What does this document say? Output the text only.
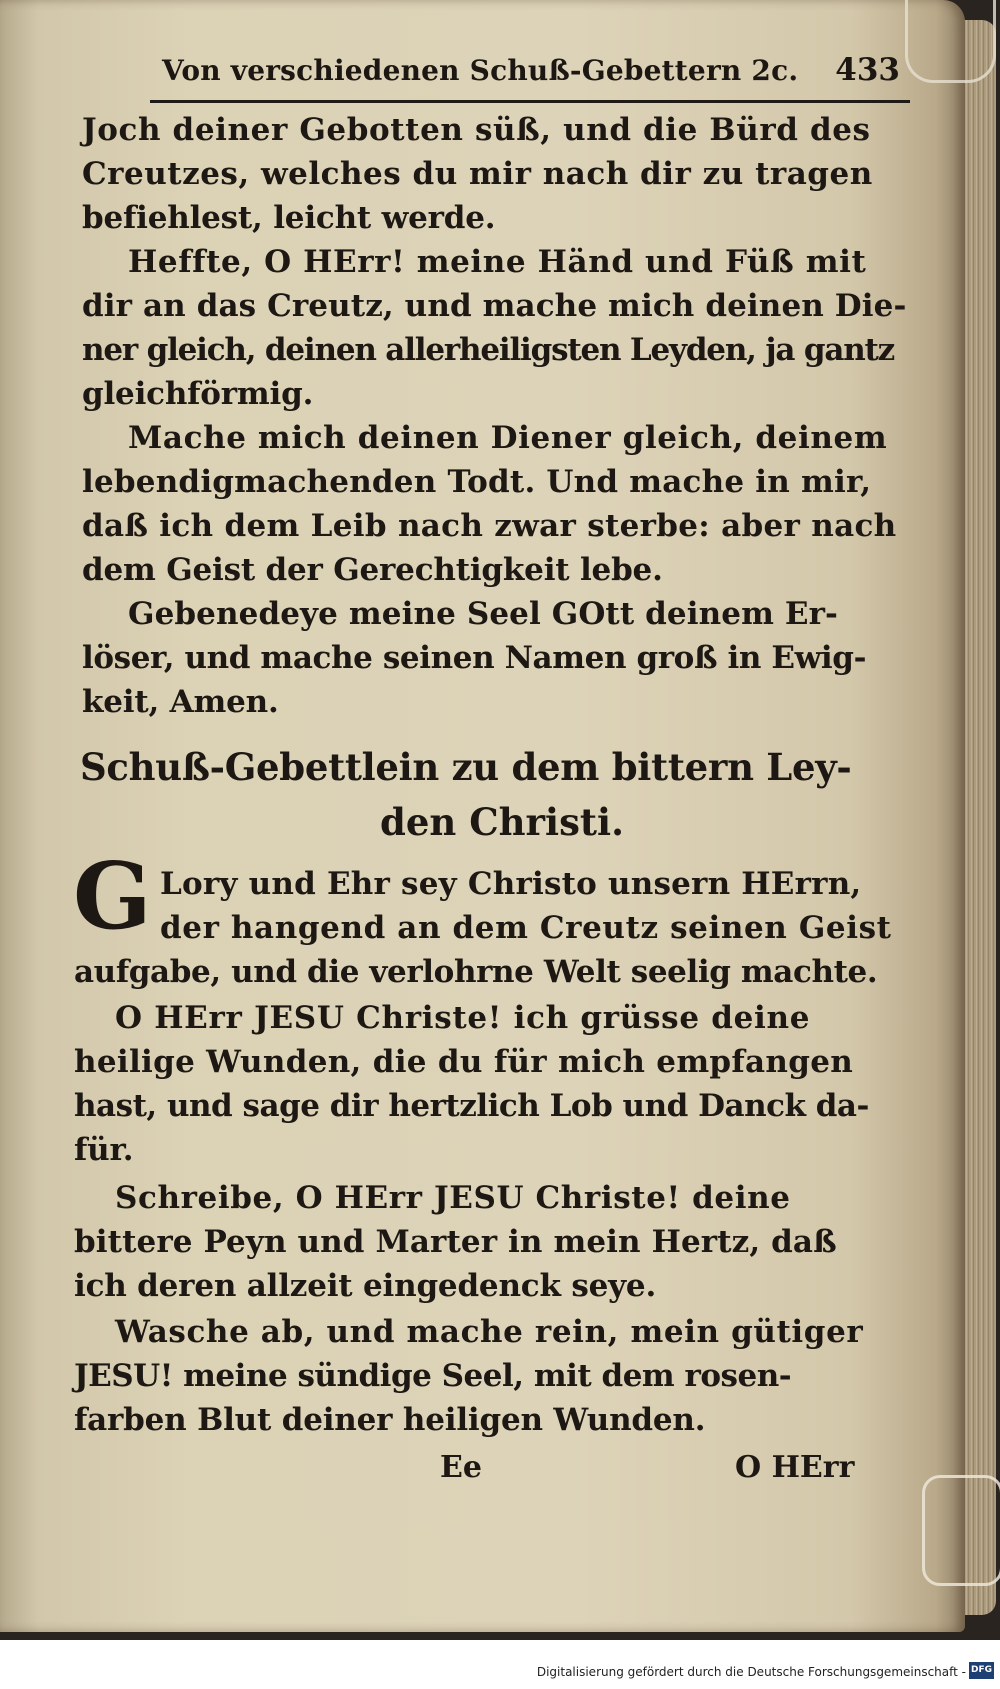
Von verschiedenen Schuß-Gebettern 2c. 433
Joch deiner Gebotten süß, und die Bürd des
Creutzes, welches du mir nach dir zu tragen
befiehlest, leicht werde.
Heffte, O HErr! meine Händ und Füß mit
dir an das Creutz, und mache mich deinen Die-
ner gleich, deinen allerheiligsten Leyden, ja gantz
gleichförmig.
Mache mich deinen Diener gleich, deinem
lebendigmachenden Todt. Und mache in mir,
daß ich dem Leib nach zwar sterbe: aber nach
dem Geist der Gerechtigkeit lebe.
Gebenedeye meine Seel GOtt deinem Er-
löser, und mache seinen Namen groß in Ewig-
keit, Amen.
Schuß-Gebettlein zu dem bittern Ley-
den Christi.
G Lory und Ehr sey Christo unsern HErrn,
der hangend an dem Creutz seinen Geist
aufgabe, und die verlohrne Welt seelig machte.
O HErr JESU Christe! ich grüsse deine
heilige Wunden, die du für mich empfangen
hast, und sage dir hertzlich Lob und Danck da-
für.
Schreibe, O HErr JESU Christe! deine
bittere Peyn und Marter in mein Hertz, daß
ich deren allzeit eingedenck seye.
Wasche ab, und mache rein, mein gütiger
JESU! meine sündige Seel, mit dem rosen-
farben Blut deiner heiligen Wunden.
Ee	O HErr
Digitalisierung gefördert durch die Deutsche Forschungsgemeinschaft - DFG
